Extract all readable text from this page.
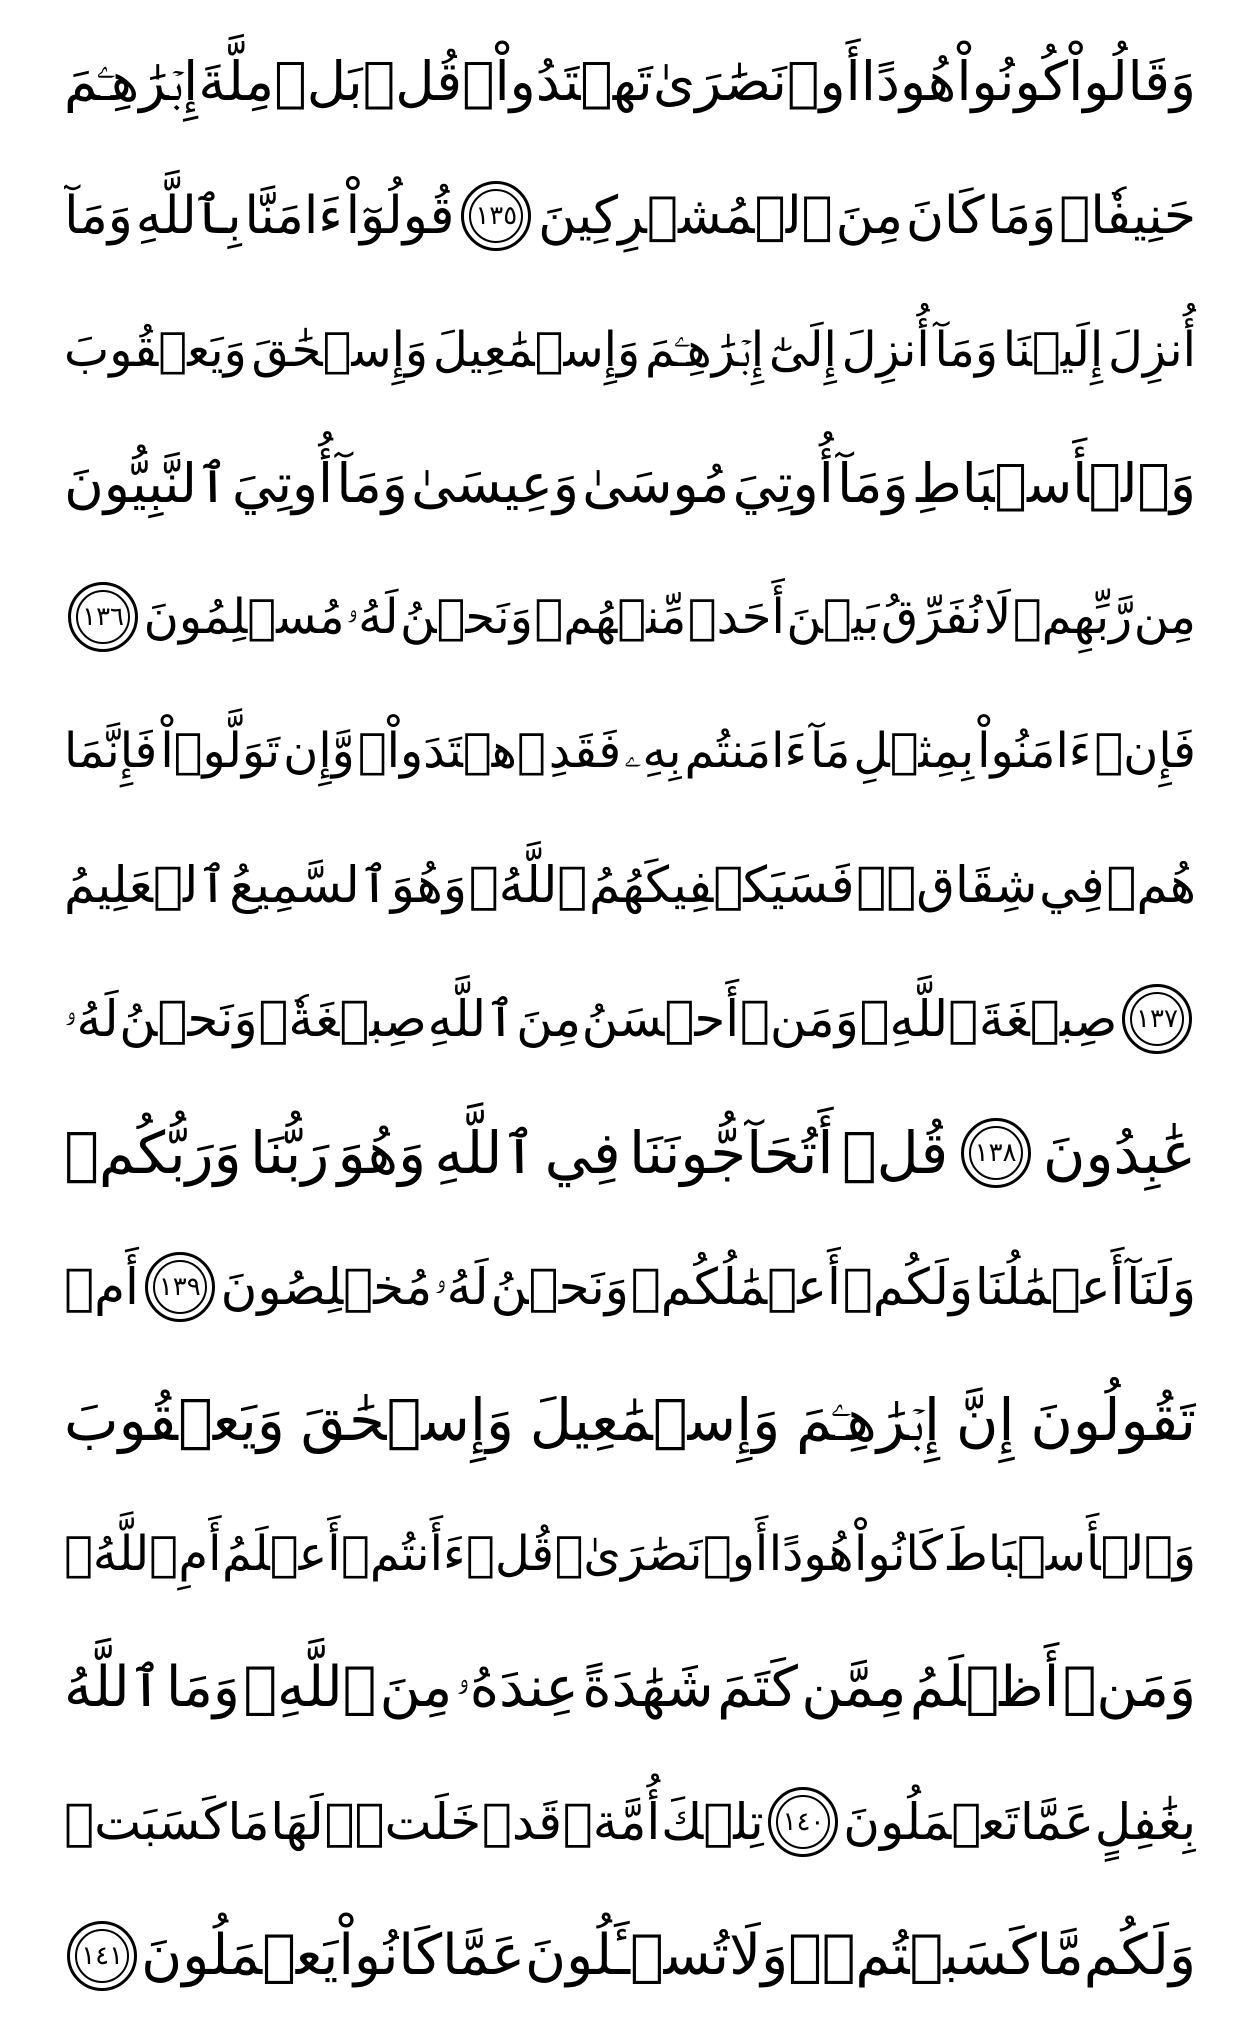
وَقَالُواْ
كُونُواْ
هُودًا
أَوۡ
نَصَٰرَىٰ
تَهۡتَدُواْۗ
قُلۡ
بَلۡ
مِلَّةَ
إِبۡرَٰهِـۧمَ
حَنِيفٗاۖ
وَمَا
كَانَ
مِنَ
ٱلۡمُشۡرِكِينَ
١٣٥
قُولُوٓاْ
ءَامَنَّا
بِٱللَّهِ
وَمَآ
أُنزِلَ
إِلَيۡنَا
وَمَآ
أُنزِلَ
إِلَىٰٓ
إِبۡرَٰهِـۧمَ
وَإِسۡمَٰعِيلَ
وَإِسۡحَٰقَ
وَيَعۡقُوبَ
وَٱلۡأَسۡبَاطِ
وَمَآ
أُوتِيَ
مُوسَىٰ
وَعِيسَىٰ
وَمَآ
أُوتِيَ
ٱلنَّبِيُّونَ
مِن
رَّبِّهِمۡ
لَا
نُفَرِّقُ
بَيۡنَ
أَحَدٖ
مِّنۡهُمۡ
وَنَحۡنُ
لَهُۥ
مُسۡلِمُونَ
١٣٦
فَإِنۡ
ءَامَنُواْ
بِمِثۡلِ
مَآ
ءَامَنتُم
بِهِۦ
فَقَدِ
ٱهۡتَدَواْۖ
وَّإِن
تَوَلَّوۡاْ
فَإِنَّمَا
هُمۡ
فِي
شِقَاقٖۖ
فَسَيَكۡفِيكَهُمُ
ٱللَّهُۚ
وَهُوَ
ٱلسَّمِيعُ
ٱلۡعَلِيمُ
١٣٧
صِبۡغَةَ
ٱللَّهِۖ
وَمَنۡ
أَحۡسَنُ
مِنَ
ٱللَّهِ
صِبۡغَةٗۖ
وَنَحۡنُ
لَهُۥ
عَٰبِدُونَ
١٣٨
قُلۡ
أَتُحَآجُّونَنَا
فِي
ٱللَّهِ
وَهُوَ
رَبُّنَا
وَرَبُّكُمۡ
وَلَنَآ
أَعۡمَٰلُنَا
وَلَكُمۡ
أَعۡمَٰلُكُمۡ
وَنَحۡنُ
لَهُۥ
مُخۡلِصُونَ
١٣٩
أَمۡ
تَقُولُونَ
إِنَّ
إِبۡرَٰهِـۧمَ
وَإِسۡمَٰعِيلَ
وَإِسۡحَٰقَ
وَيَعۡقُوبَ
وَٱلۡأَسۡبَاطَ
كَانُواْ
هُودًا
أَوۡ
نَصَٰرَىٰۗ
قُلۡ
ءَأَنتُمۡ
أَعۡلَمُ
أَمِ
ٱللَّهُۗ
وَمَنۡ
أَظۡلَمُ
مِمَّن
كَتَمَ
شَهَٰدَةً
عِندَهُۥ
مِنَ
ٱللَّهِۗ
وَمَا
ٱللَّهُ
بِغَٰفِلٍ
عَمَّا
تَعۡمَلُونَ
١٤٠
تِلۡكَ
أُمَّةٞ
قَدۡ
خَلَتۡۖ
لَهَا
مَا
كَسَبَتۡ
وَلَكُم
مَّا
كَسَبۡتُمۡۖ
وَلَا
تُسۡـَٔلُونَ
عَمَّا
كَانُواْ
يَعۡمَلُونَ
١٤١
